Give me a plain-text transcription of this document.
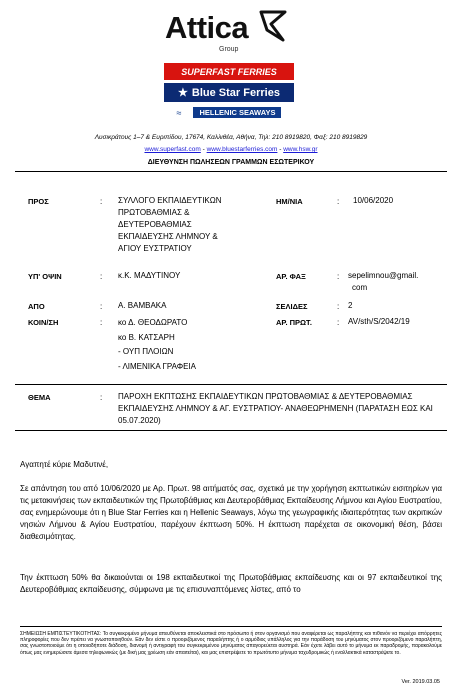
Attica
Group
SUPERFAST FERRIES
★ Blue Star Ferries
≈	HELLENIC SEAWAYS
Λυσικράτους 1–7 & Ευριπίδου, 17674, Καλλιθέα, Αθήνα, Τηλ: 210 8919820, Φαξ: 210 8919829
www.superfast.com - www.bluestarferries.com - www.hsw.gr
ΔΙΕΥΘΥΝΣΗ ΠΩΛΗΣΕΩΝ ΓΡΑΜΜΩΝ ΕΣΩΤΕΡΙΚΟΥ
ΠΡΟΣ	: ΣΥΛΛΟΓΟ ΕΚΠΑΙΔΕΥΤΙΚΩΝ
ΠΡΩΤΟΒΑΘΜΙΑΣ &
ΔΕΥΤΕΡΟΒΑΘΜΙΑΣ
ΕΚΠΑΙΔΕΥΣΗΣ ΛΗΜΝΟΥ &
ΑΓΙΟΥ ΕΥΣΤΡΑΤΙΟΥ
ΗΜ/ΝΙΑ	: 10/06/2020
ΥΠ' ΟΨΙΝ	: κ.Κ. ΜΑΔΥΤΙΝΟΥ	ΑΡ. ΦΑΞ	: sepelimnou@gmail.
com
ΑΠΟ	: Α. ΒΑΜΒΑΚΑ	ΣΕΛΙΔΕΣ	: 2
ΚΟΙΝ/ΣΗ	: κο Δ. ΘΕΟΔΩΡΑΤΟ
κο Β. ΚΑΤΣΑΡΗ
- ΟΥΠ ΠΛΟΙΩΝ
- ΛΙΜΕΝΙΚΑ ΓΡΑΦΕΙΑ
ΑΡ. ΠΡΩΤ.	: AV/sth/S/2042/19
ΘΕΜΑ	: ΠΑΡΟΧΗ ΕΚΠΤΩΣΗΣ ΕΚΠΑΙΔΕΥΤΙΚΩΝ ΠΡΩΤΟΒΑΘΜΙΑΣ & ΔΕΥΤΕΡΟΒΑΘΜΙΑΣ ΕΚΠΑΙΔΕΥΣΗΣ ΛΗΜΝΟΥ & ΑΓ. ΕΥΣΤΡΑΤΙΟΥ- ΑΝΑΘΕΩΡΗΜΕΝΗ (ΠΑΡΑΤΑΣΗ ΕΩΣ ΚΑΙ 05.07.2020)
Αγαπητέ κύριε Μαδυτινέ,
Σε απάντηση του από 10/06/2020 με Αρ. Πρωτ. 98 αιτήματός σας, σχετικά με την χορήγηση εκπτωτικών εισιτηρίων για τις μετακινήσεις των εκπαιδευτικών της Πρωτοβάθμιας και Δευτεροβάθμιας Εκπαίδευσης Λήμνου και Αγίου Ευστρατίου, σας ενημερώνουμε ότι η Blue Star Ferries και η Hellenic Seaways, λόγω της γεωγραφικής ιδιαιτερότητας των ακριτικών νησιών Λήμνου & Αγίου Ευστρατίου, παρέχουν έκπτωση 50%. Η έκπτωση παρέχεται σε οικονομική θέση, βάσει διαθεσιμότητας.
Την έκπτωση 50% θα δικαιούνται οι 198 εκπαιδευτικοί της Πρωτοβάθμιας εκπαίδευσης και οι 97 εκπαιδευτικοί της Δευτεροβάθμιας εκπαίδευσης, σύμφωνα με τις επισυναπτόμενες λίστες, από το
ΣΗΜΕΙΩΣΗ ΕΜΠΙΣΤΕΥΤΙΚΟΤΗΤΑΣ: Το συγκεκριμένο μήνυμα απευθύνεται αποκλειστικά στο πρόσωπο ή στον οργανισμό που αναφέρεται ως παραλήπτης και πιθανόν να περιέχει απόρρητες πληροφορίες που δεν πρέπει να γνωστοποιηθούν. Εάν δεν είστε ο προοριζόμενος παραλήπτης ή ο αρμόδιος υπάλληλος για την παράδοση του μηνύματος στον προοριζόμενο παραλήπτη, σας γνωστοποιούμε ότι η οποιαδήποτε διάδοση, διανομή ή αντιγραφή του συγκεκριμένου μηνύματος απαγορεύεται αυστηρά. Εάν έχετε λάβει αυτό το μήνυμα εκ παραδρομής, παρακαλούμε όπως μας ενημερώσετε άμεσα τηλεφωνικώς (με δική μας χρέωση εάν απαιτείται), και μας επιστρέψετε το πρωτότυπο μήνυμα ταχυδρομικώς ή εναλλακτικά καταστρέψετε το.
Ver. 2019.03.05
